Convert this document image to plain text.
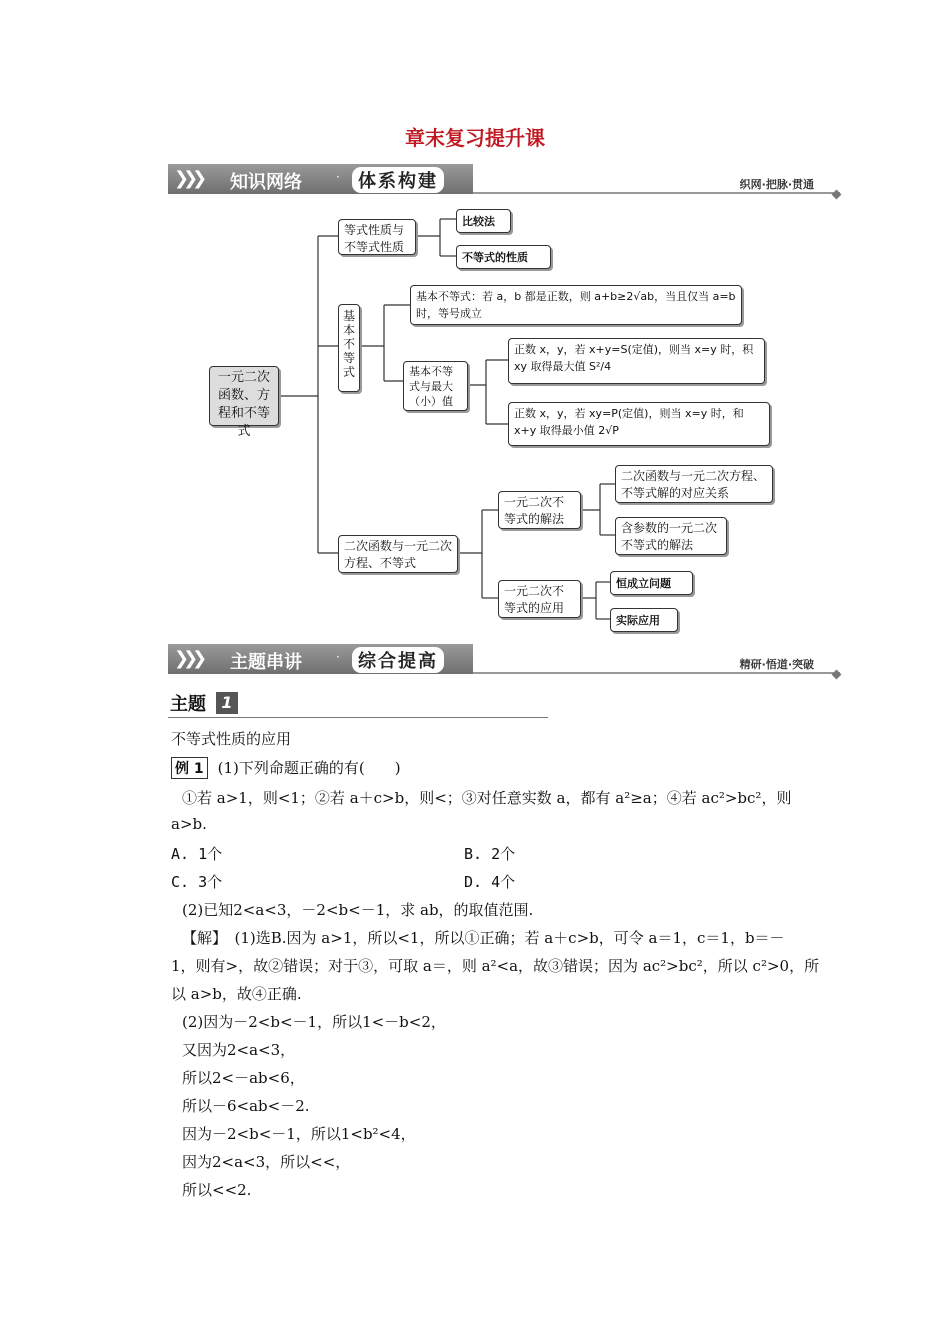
章末复习提升课
❯❯❯ 知识网络	·	体系构建	织网·把脉·贯通
一元二次函数、方程和不等式
等式性质与不等式性质
比较法
不等式的性质
基本不等式
基本不等式：若 a，b 都是正数，则 a+b≥2√ab，当且仅当 a=b 时，等号成立
基本不等式与最大（小）值
正数 x，y，若 x+y=S(定值)，则当 x=y 时，积 xy 取得最大值 S²/4
正数 x，y，若 xy=P(定值)，则当 x=y 时，和 x+y 取得最小值 2√P
二次函数与一元二次方程、不等式
一元二次不等式的解法
二次函数与一元二次方程、不等式解的对应关系
含参数的一元二次不等式的解法
一元二次不等式的应用
恒成立问题
实际应用
❯❯❯ 主题串讲	·	综合提高	精研·悟道·突破
主题 1
不等式性质的应用
例 1 (1)下列命题正确的有(　　)
①若 a>1，则<1；②若 a＋c>b，则<；③对任意实数 a，都有 a²≥a；④若 ac²>bc²，则
a>b.
A. 1个	B. 2个
C. 3个	D. 4个
(2)已知2<a<3，－2<b<－1，求 ab，的取值范围.
【解】　(1)选B.因为 a>1，所以<1，所以①正确；若 a＋c>b，可令 a＝1，c＝1，b＝－
1，则有>，故②错误；对于③，可取 a＝，则 a²<a，故③错误；因为 ac²>bc²，所以 c²>0，所
以 a>b，故④正确.
(2)因为－2<b<－1，所以1<－b<2，
又因为2<a<3，
所以2<－ab<6，
所以－6<ab<－2.
因为－2<b<－1，所以1<b²<4，
因为2<a<3，所以<<，
所以<<2.
